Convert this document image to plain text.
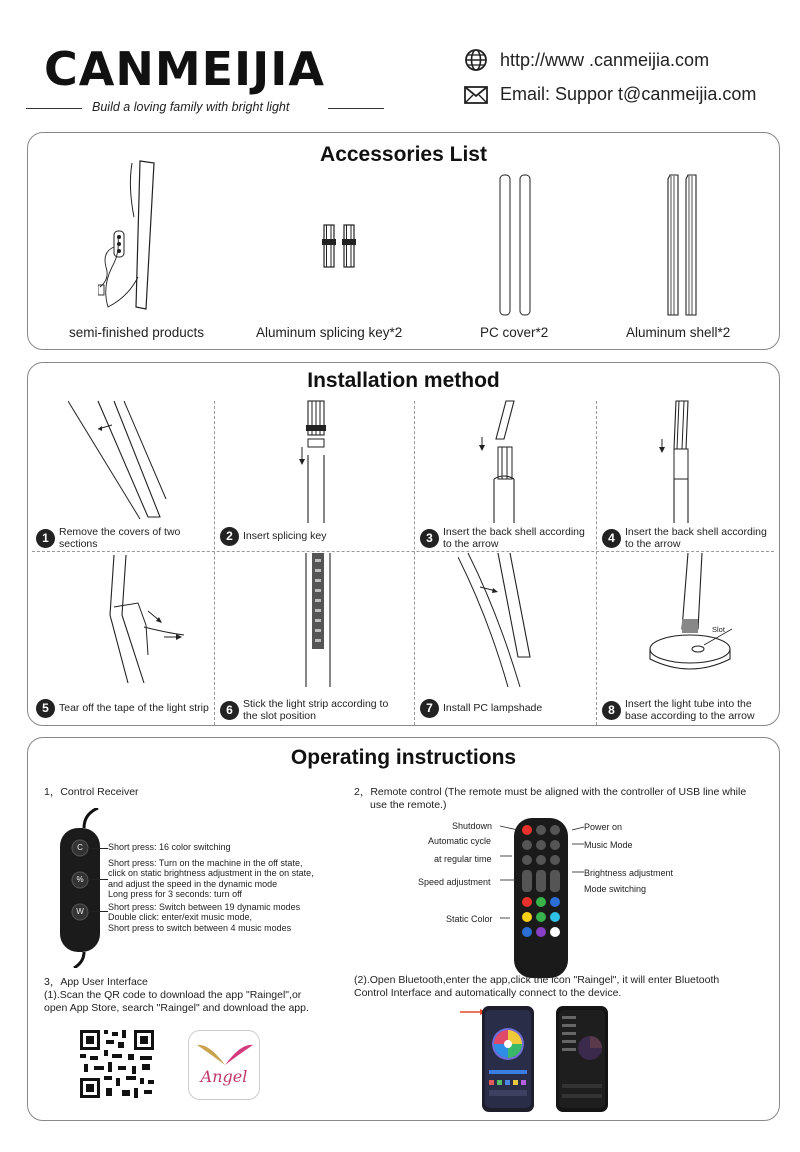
CANMEIJIA
Build a loving family with bright light
http://www .canmeijia.com
Email: Suppor t@canmeijia.com
Accessories List
semi-finished products	Aluminum splicing key*2	PC cover*2	Aluminum shell*2
Installation method
1 Remove the covers of two
sections
2 Insert splicing key	3 Insert the back shell according
to the arrow	4 Insert the back shell according
to the arrow
5 Tear off the tape of the light strip	6 Stick the light strip according to
the slot position
7 Install PC lampshade
Slot
8 Insert the light tube into the
base according to the arrow
Operating instructions
1，Control Receiver
C
%
W
Short press: 16 color switching
Short press: Turn on the machine in the off state,
click on static brightness adjustment in the on state,
and adjust the speed in the dynamic mode
Long press for 3 seconds: turn off
Short press: Switch between 19 dynamic modes
Double click: enter/exit music mode,
Short press to switch between 4 music modes
2，Remote control (The remote must be aligned with the controller of USB line while
use the remote.)
Shutdown
Automatic cycle
at regular time
Speed adjustment
Static Color
Power on
Music Mode
Brightness adjustment
Mode switching
3，App User Interface
(1).Scan the QR code to download the app "Raingel",or
open App Store, search "Raingel" and download the app.
Angel
(2).Open Bluetooth,enter the app,click the icon "Raingel", it will enter Bluetooth
Control Interface and automatically connect to the device.
